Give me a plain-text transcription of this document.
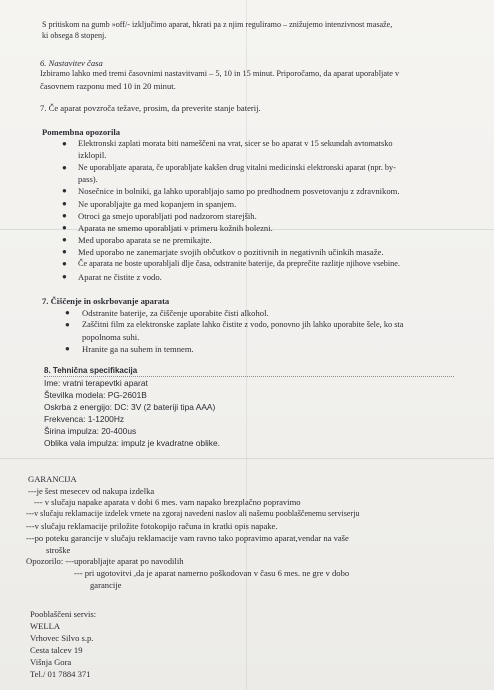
S pritiskom na gumb »off/- izključimo aparat, hkrati pa z njim reguliramo – znižujemo intenzivnost masaže,
ki obsega 8 stopenj.
6. Nastavitev časa
Izbiramo lahko med tremi časovnimi nastavitvami – 5, 10 in 15 minut. Priporočamo, da aparat uporabljate v
časovnem razponu med 10 in 20 minut.
7. Če aparat povzroča težave, prosim, da preverite stanje baterij.
Pomembna opozorila
● Elektronski zaplati morata biti nameščeni na vrat, sicer se bo aparat v 15 sekundah avtomatsko
izklopil.
● Ne uporabljate aparata, če uporabljate kakšen drug vitalni medicinski elektronski aparat (npr. by-
pass).
● Nosečnice in bolniki, ga lahko uporabljajo samo po predhodnem posvetovanju z zdravnikom.
● Ne uporabljajte ga med kopanjem in spanjem.
● Otroci ga smejo uporabljati pod nadzorom starejših.
● Aparata ne smemo uporabljati v primeru kožnih bolezni.
● Med uporabo aparata se ne premikajte.
● Med uporabo ne zanemarjate svojih občutkov o pozitivnih in negativnih učinkih masaže.
● Če aparata ne boste uporabljali dlje časa, odstranite baterije, da preprečite razlitje njihove vsebine.
● Aparat ne čistite z vodo.
7. Čiščenje in oskrbovanje aparata
● Odstranite baterije, za čiščenje uporabite čisti alkohol.
● Zaščitni film za elektronske zaplate lahko čistite z vodo, ponovno jih lahko uporabite šele, ko sta
popolnoma suhi.
● Hranite ga na suhem in temnem.
8. Tehnična specifikacija
Ime: vratni terapevtki aparat
Številka modela: PG-2601B
Oskrba z energijo: DC: 3V (2 bateriji tipa AAA)
Frekvenca: 1-1200Hz
Širina impulza: 20-400us
Oblika vala impulza: impulz je kvadratne oblike.
GARANCIJA
---je šest mesecev od nakupa izdelka
--- v slučaju napake aparata v dobi 6 mes. vam napako brezplačno popravimo
---v slučaju reklamacije izdelek vrnete na zgoraj navedeni naslov ali našemu pooblaščenemu serviserju
---v slučaju reklamacije priložite fotokopijo računa in kratki opis napake.
---po poteku garancije v slučaju reklamacije vam ravno tako popravimo aparat,vendar na vaše
stroške
Opozorilo: ---uporabljajte aparat po navodilih
--- pri ugotovitvi ,da je aparat namerno poškodovan v času 6 mes. ne gre v dobo
garancije
Pooblaščeni servis:
WELLA
Vrhovec Silvo s.p.
Cesta talcev 19
Višnja Gora
Tel./ 01 7884 371
